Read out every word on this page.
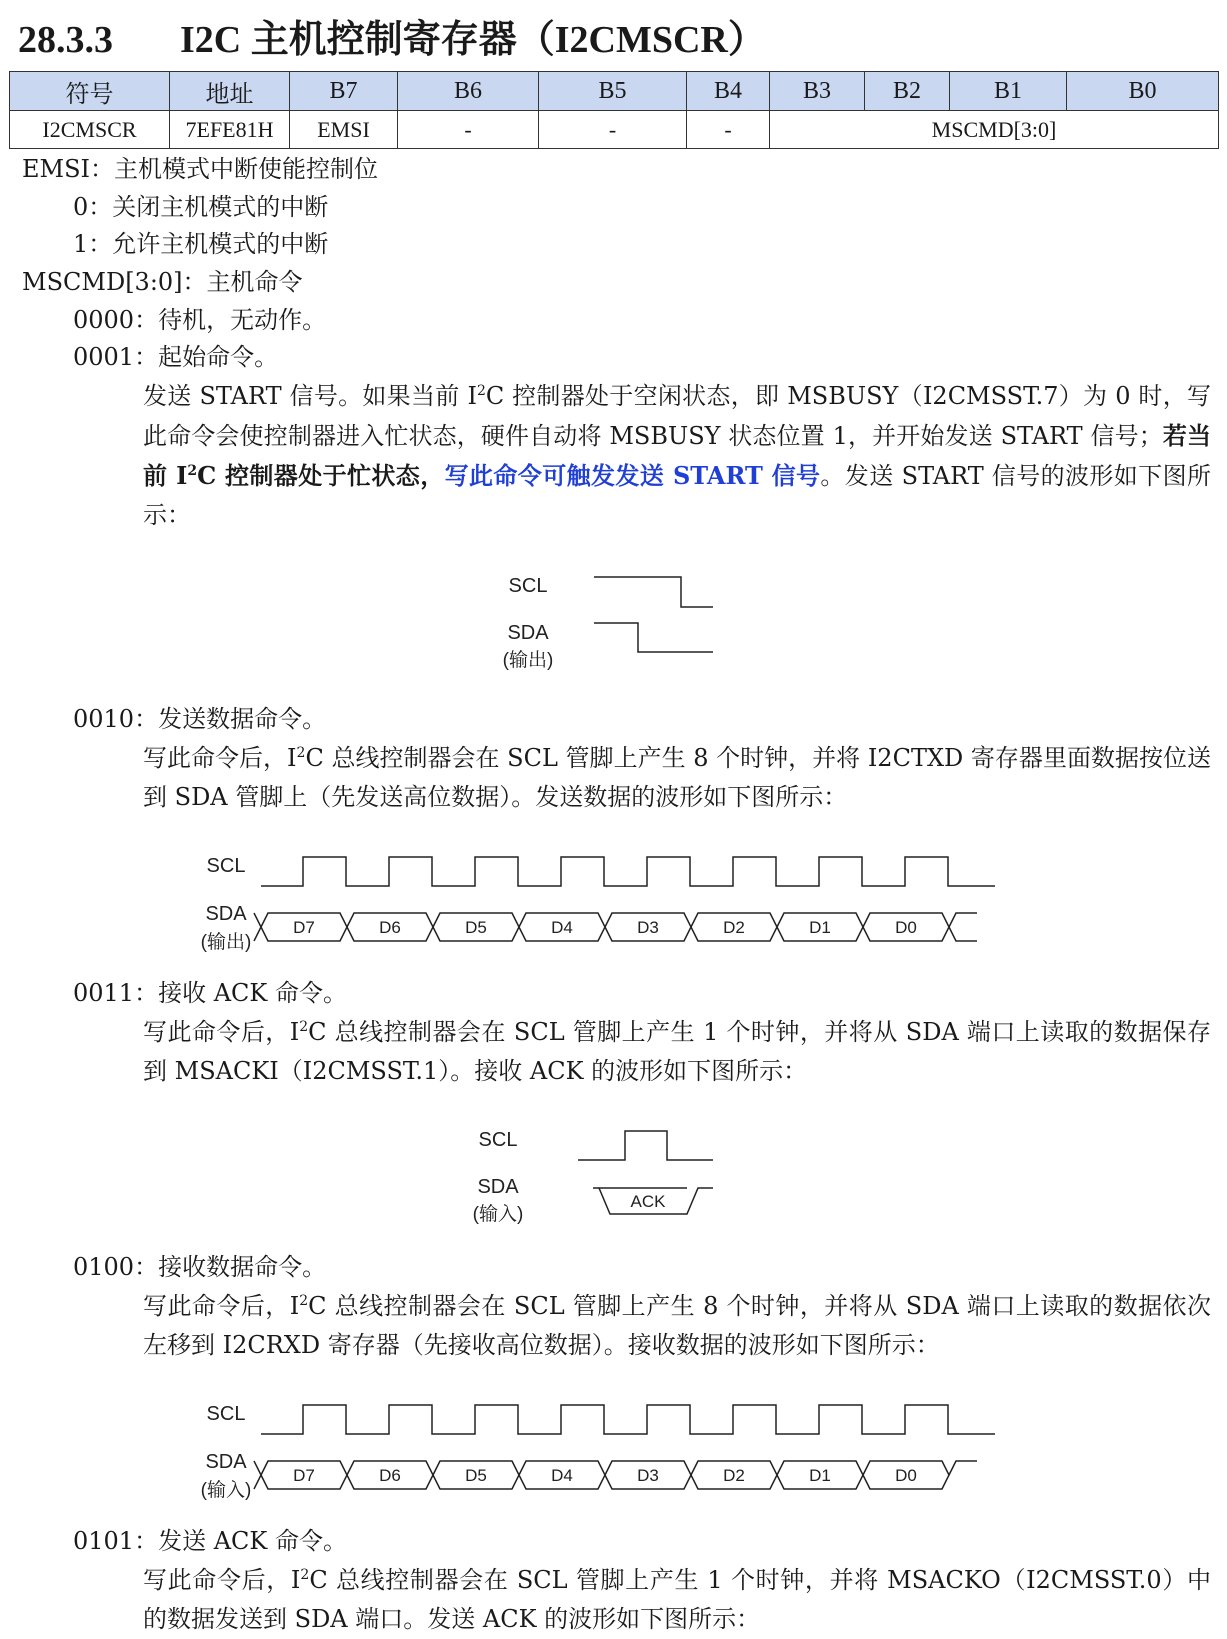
28.3.3 I2C 主机控制寄存器（I2CMSCR）
符号	地址	B7	B6	B5	B4	B3	B2	B1	B0
I2CMSCR	7EFE81H	EMSI	-	-	-	MSCMD[3:0]			
EMSI：主机模式中断使能控制位
0：关闭主机模式的中断
1：允许主机模式的中断
MSCMD[3:0]：主机命令
0000：待机，无动作。
0001：起始命令。
发送 START 信号。如果当前 $I^2C$ 控制器处于空闲状态，即 MSBUSY（I2CMSST.7）为 0 时，写此命令会使控制器进入忙状态，硬件自动将 MSBUSY 状态位置 1，并开始发送 START 信号；若当前 $I^2C$ 控制器处于忙状态，写此命令可触发发送 START 信号。发送 START 信号的波形如下图所示：
SCL
SDA
(输出)
0010：发送数据命令。
写此命令后，$I^2C$ 总线控制器会在 SCL 管脚上产生 8 个时钟，并将 I2CTXD 寄存器里面数据按位送到 SDA 管脚上（先发送高位数据）。发送数据的波形如下图所示：
SCL
SDA
(输出)
D7	D6	D5	D4	D3	D2	D1	D0
0011：接收 ACK 命令。
写此命令后，$I^2C$ 总线控制器会在 SCL 管脚上产生 1 个时钟，并将从 SDA 端口上读取的数据保存到 MSACKI（I2CMSST.1）。接收 ACK 的波形如下图所示：
SCL
SDA
(输入)
ACK
0100：接收数据命令。
写此命令后，$I^2C$ 总线控制器会在 SCL 管脚上产生 8 个时钟，并将从 SDA 端口上读取的数据依次左移到 I2CRXD 寄存器（先接收高位数据）。接收数据的波形如下图所示：
SCL
SDA
(输入)
D7	D6	D5	D4	D3	D2	D1	D0
0101：发送 ACK 命令。
写此命令后，$I^2C$ 总线控制器会在 SCL 管脚上产生 1 个时钟，并将 MSACKO（I2CMSST.0）中的数据发送到 SDA 端口。发送 ACK 的波形如下图所示：
